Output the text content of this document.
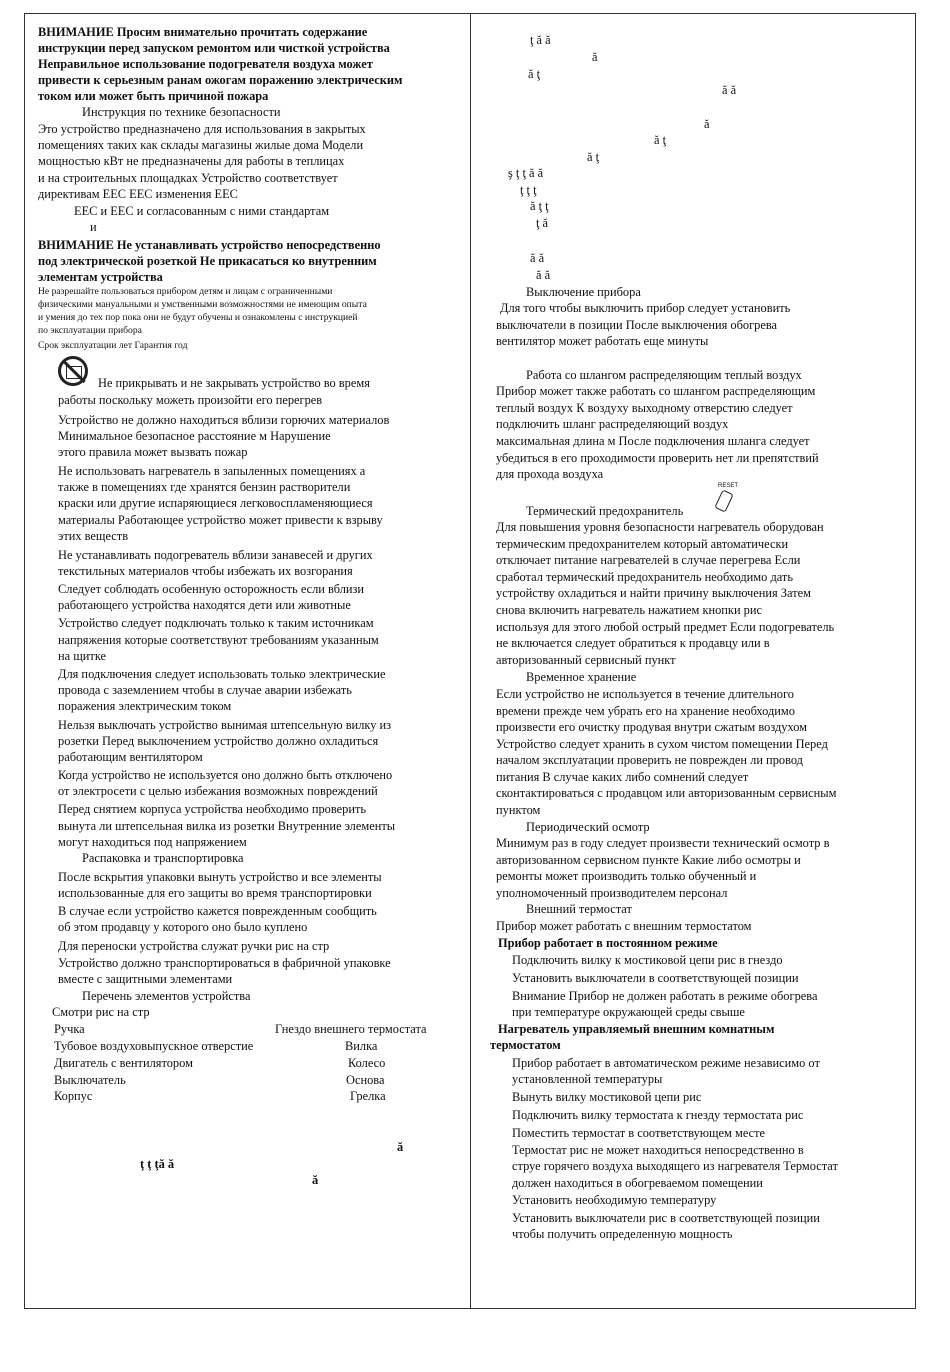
ВНИМАНИЕ Просим внимательно прочитать содержание
инструкции перед запуском ремонтом или чисткой устройства
Неправильное использование подогревателя воздуха может
привести к серьезным ранам ожогам поражению электрическим
током или может быть причиной пожара
Инструкция по технике безопасности
Это устройство предназначено для использования в закрытых
помещениях таких как склады магазины жилые дома Модели
мощностью кВт не предназначены для работы в теплицах
и на строительных площадках Устройство соответствует
директивам ЕЕС ЕЕС изменения ЕЕС
ЕЕС и ЕЕС и согласованным с ними стандартам
и
ВНИМАНИЕ Не устанавливать устройство непосредственно
под электрической розеткой Не прикасаться ко внутренним
элементам устройства
Не разрешайте пользоваться прибором детям и лицам с ограниченными
физическими мануальными и умственными возможностями не имеющим опыта
и умения до тех пор пока они не будут обучены и ознакомлены с инструкцией
по эксплуатации прибора
Срок эксплуатации лет Гарантия год
Не прикрывать и не закрывать устройство во время
работы поскольку можеть произойти его перегрев
Устройство не должно находиться вблизи горючих материалов
Минимальное безопасное расстояние м Нарушение
этого правила может вызвать пожар
Не использовать нагреватель в запыленных помещениях а
также в помещениях где хранятся бензин растворители
краски или другие испаряющиеся легковоспламеняющиеся
материалы Работающее устройство может привести к взрыву
этих веществ
Не устанавливать подогреватель вблизи занавесей и других
текстильных материалов чтобы избежать их возгорания
Следует соблюдать особенную осторожность если вблизи
работающего устройства находятся дети или животные
Устройство следует подключать только к таким источникам
напряжения которые соответствуют требованиям указанным
на щитке
Для подключения следует использовать только электрические
провода с заземлением чтобы в случае аварии избежать
поражения электрическим током
Нельзя выключать устройство вынимая штепсельную вилку из
розетки Перед выключением устройство должно охладиться
работающим вентилятором
Когда устройство не используется оно должно быть отключено
от электросети с целью избежания возможных повреждений
Перед снятием корпуса устройства необходимо проверить
вынута ли штепсельная вилка из розетки Внутренние элементы
могут находиться под напряжением
Распаковка и транспортировка
После вскрытия упаковки вынуть устройство и все элементы
использованные для его защиты во время транспортировки
В случае если устройство кажется поврежденным сообщить
об этом продавцу у которого оно было куплено
Для переноски устройства служат ручки рис на стр
Устройство должно транспортироваться в фабричной упаковке
вместе с защитными элементами
Перечень элементов устройства
Смотри рис на стр
Ручка	Гнездо внешнего термостата
Тубовое воздуховыпускное отверстие	Вилка
Двигатель с вентилятором	Колесо
Выключатель	Основа
Корпус	Грелка
ă
ţ ţ ţă ă
ă
ţ ă ă
ă
ă ţ
ă ă
ă
ă ţ
ă ţ
ş ţ ţ ă ă
ţ ţ ţ
ă ţ ţ
ţ ă
ă ă
ă ă
Выключение прибора
Для того чтобы выключить прибор следует установить
выключатели в позиции После выключения обогрева
вентилятор может работать еще минуты
Работа со шлангом распределяющим теплый воздух
Прибор может также работать со шлангом распределяющим
теплый воздух К воздуху выходному отверстию следует
подключить шланг распределяющий воздух
максимальная длина м После подключения шланга следует
убедиться в его проходимости проверить нет ли препятствий
для прохода воздуха
RESET
Термический предохранитель
Для повышения уровня безопасности нагреватель оборудован
термическим предохранителем который автоматически
отключает питание нагревателей в случае перегрева Если
сработал термический предохранитель необходимо дать
устройству охладиться и найти причину выключения Затем
снова включить нагреватель нажатием кнопки рис
используя для этого любой острый предмет Если подогреватель
не включается следует обратиться к продавцу или в
авторизованный сервисный пункт
Временное хранение
Если устройство не используется в течение длительного
времени прежде чем убрать его на хранение необходимо
произвести его очистку продувая внутри сжатым воздухом
Устройство следует хранить в сухом чистом помещении Перед
началом эксплуатации проверить не поврежден ли провод
питания В случае каких либо сомнений следует
сконтактироваться с продавцом или авторизованным сервисным
пунктом
Периодический осмотр
Минимум раз в году следует произвести технический осмотр в
авторизованном сервисном пункте Какие либо осмотры и
ремонты может производить только обученный и
уполномоченный производителем персонал
Внешний термостат
Прибор может работать с внешним термостатом
Прибор работает в постоянном режиме
Подключить вилку к мостиковой цепи рис в гнездо
Установить выключатели в соответствующей позиции
Внимание Прибор не должен работать в режиме обогрева
при температуре окружающей среды свыше
Нагреватель управляемый внешним комнатным
термостатом
Прибор работает в автоматическом режиме независимо от
установленной температуры
Вынуть вилку мостиковой цепи рис
Подключить вилку термостата к гнезду термостата рис
Поместить термостат в соответствующем месте
Термостат рис не может находиться непосредственно в
струе горячего воздуха выходящего из нагревателя Термостат
должен находиться в обогреваемом помещении
Установить необходимую температуру
Установить выключатели рис в соответствующей позиции
чтобы получить определенную мощность
